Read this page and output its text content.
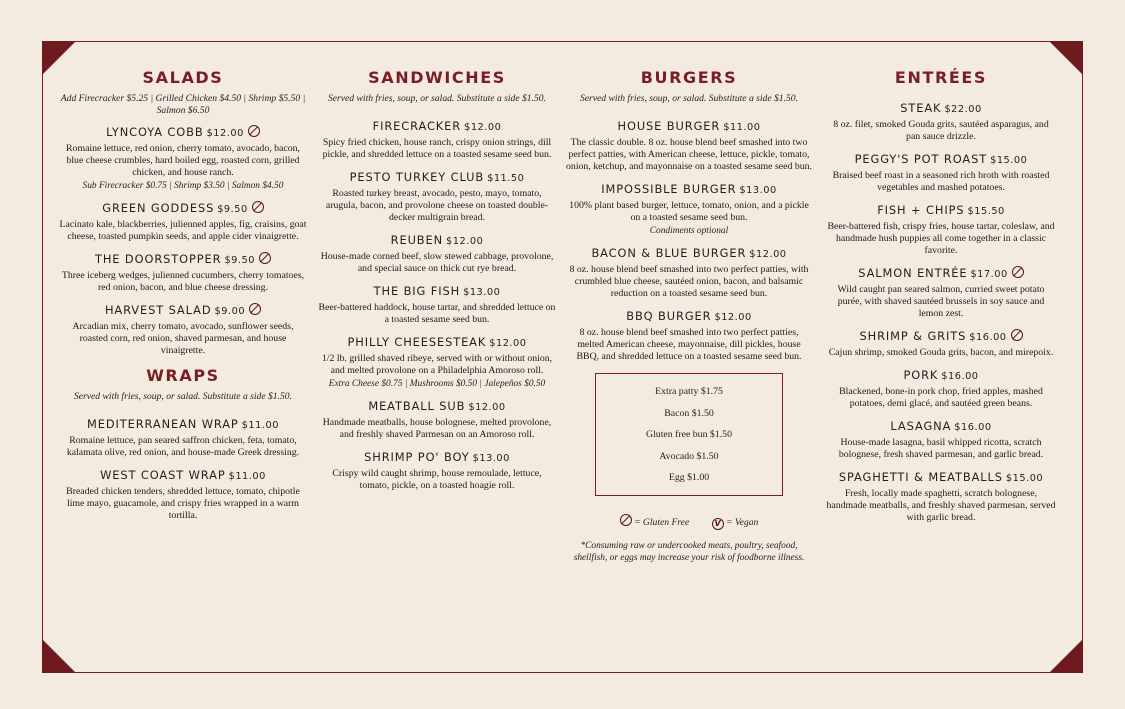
SALADS
Add Firecracker $5.25 | Grilled Chicken $4.50 | Shrimp $5.50 | Salmon $6.50
LYNCOYA COBB $12.00
Romaine lettuce, red onion, cherry tomato, avocado, bacon, blue cheese crumbles, hard boiled egg, roasted corn, grilled chicken, and house ranch.
Sub Firecracker $0.75 | Shrimp $3.50 | Salmon $4.50
GREEN GODDESS $9.50
Lacinato kale, blackberries, julienned apples, fig, craisins, goat cheese, toasted pumpkin seeds, and apple cider vinaigrette.
THE DOORSTOPPER $9.50
Three iceberg wedges, julienned cucumbers, cherry tomatoes, red onion, bacon, and blue cheese dressing.
HARVEST SALAD $9.00
Arcadian mix, cherry tomato, avocado, sunflower seeds, roasted corn, red onion, shaved parmesan, and house vinaigrette.
WRAPS
Served with fries, soup, or salad. Substitute a side $1.50.
MEDITERRANEAN WRAP $11.00
Romaine lettuce, pan seared saffron chicken, feta, tomato, kalamata olive, red onion, and house-made Greek dressing.
WEST COAST WRAP $11.00
Breaded chicken tenders, shredded lettuce, tomato, chipotle lime mayo, guacamole, and crispy fries wrapped in a warm tortilla.
SANDWICHES
Served with fries, soup, or salad. Substitute a side $1.50.
FIRECRACKER $12.00
Spicy fried chicken, house ranch, crispy onion strings, dill pickle, and shredded lettuce on a toasted sesame seed bun.
PESTO TURKEY CLUB $11.50
Roasted turkey breast, avocado, pesto, mayo, tomato, arugula, bacon, and provolone cheese on toasted double-decker multigrain bread.
REUBEN $12.00
House-made corned beef, slow stewed cabbage, provolone, and special sauce on thick cut rye bread.
THE BIG FISH $13.00
Beer-battered haddock, house tartar, and shredded lettuce on a toasted sesame seed bun.
PHILLY CHEESESTEAK $12.00
1/2 lb. grilled shaved ribeye, served with or without onion, and melted provolone on a Philadelphia Amoroso roll.
Extra Cheese $0.75 | Mushrooms $0.50 | Jalepeños $0.50
MEATBALL SUB $12.00
Handmade meatballs, house bolognese, melted provolone, and freshly shaved Parmesan on an Amoroso roll.
SHRIMP PO' BOY $13.00
Crispy wild caught shrimp, house remoulade, lettuce, tomato, pickle, on a toasted hoagie roll.
BURGERS
Served with fries, soup, or salad. Substitute a side $1.50.
HOUSE BURGER $11.00
The classic double. 8 oz. house blend beef smashed into two perfect patties, with American cheese, lettuce, pickle, tomato, onion, ketchup, and mayonnaise on a toasted sesame seed bun.
IMPOSSIBLE BURGER $13.00
100% plant based burger, lettuce, tomato, onion, and a pickle on a toasted sesame seed bun.
Condiments optional
BACON & BLUE BURGER $12.00
8 oz. house blend beef smashed into two perfect patties, with crumbled blue cheese, sautéed onion, bacon, and balsamic reduction on a toasted sesame seed bun.
BBQ BURGER $12.00
8 oz. house blend beef smashed into two perfect patties, melted American cheese, mayonnaise, dill pickles, house BBQ, and shredded lettuce on a toasted sesame seed bun.
Extra patty $1.75
Bacon $1.50
Gluten free bun $1.50
Avocado $1.50
Egg $1.00
= Gluten Free	V = Vegan
*Consuming raw or undercooked meats, poultry, seafood, shellfish, or eggs may increase your risk of foodborne illness.
ENTRÉES
STEAK $22.00
8 oz. filet, smoked Gouda grits, sautéed asparagus, and pan sauce drizzle.
PEGGY'S POT ROAST $15.00
Braised beef roast in a seasoned rich broth with roasted vegetables and mashed potatoes.
FISH + CHIPS $15.50
Beer-battered fish, crispy fries, house tartar, coleslaw, and handmade hush puppies all come together in a classic favorite.
SALMON ENTRÉE $17.00
Wild caught pan seared salmon, curried sweet potato purée, with shaved sautéed brussels in soy sauce and lemon zest.
SHRIMP & GRITS $16.00
Cajun shrimp, smoked Gouda grits, bacon, and mirepoix.
PORK $16.00
Blackened, bone-in pork chop, fried apples, mashed potatoes, demi glacé, and sautéed green beans.
LASAGNA $16.00
House-made lasagna, basil whipped ricotta, scratch bolognese, fresh shaved parmesan, and garlic bread.
SPAGHETTI & MEATBALLS $15.00
Fresh, locally made spaghetti, scratch bolognese, handmade meatballs, and freshly shaved parmesan, served with garlic bread.
